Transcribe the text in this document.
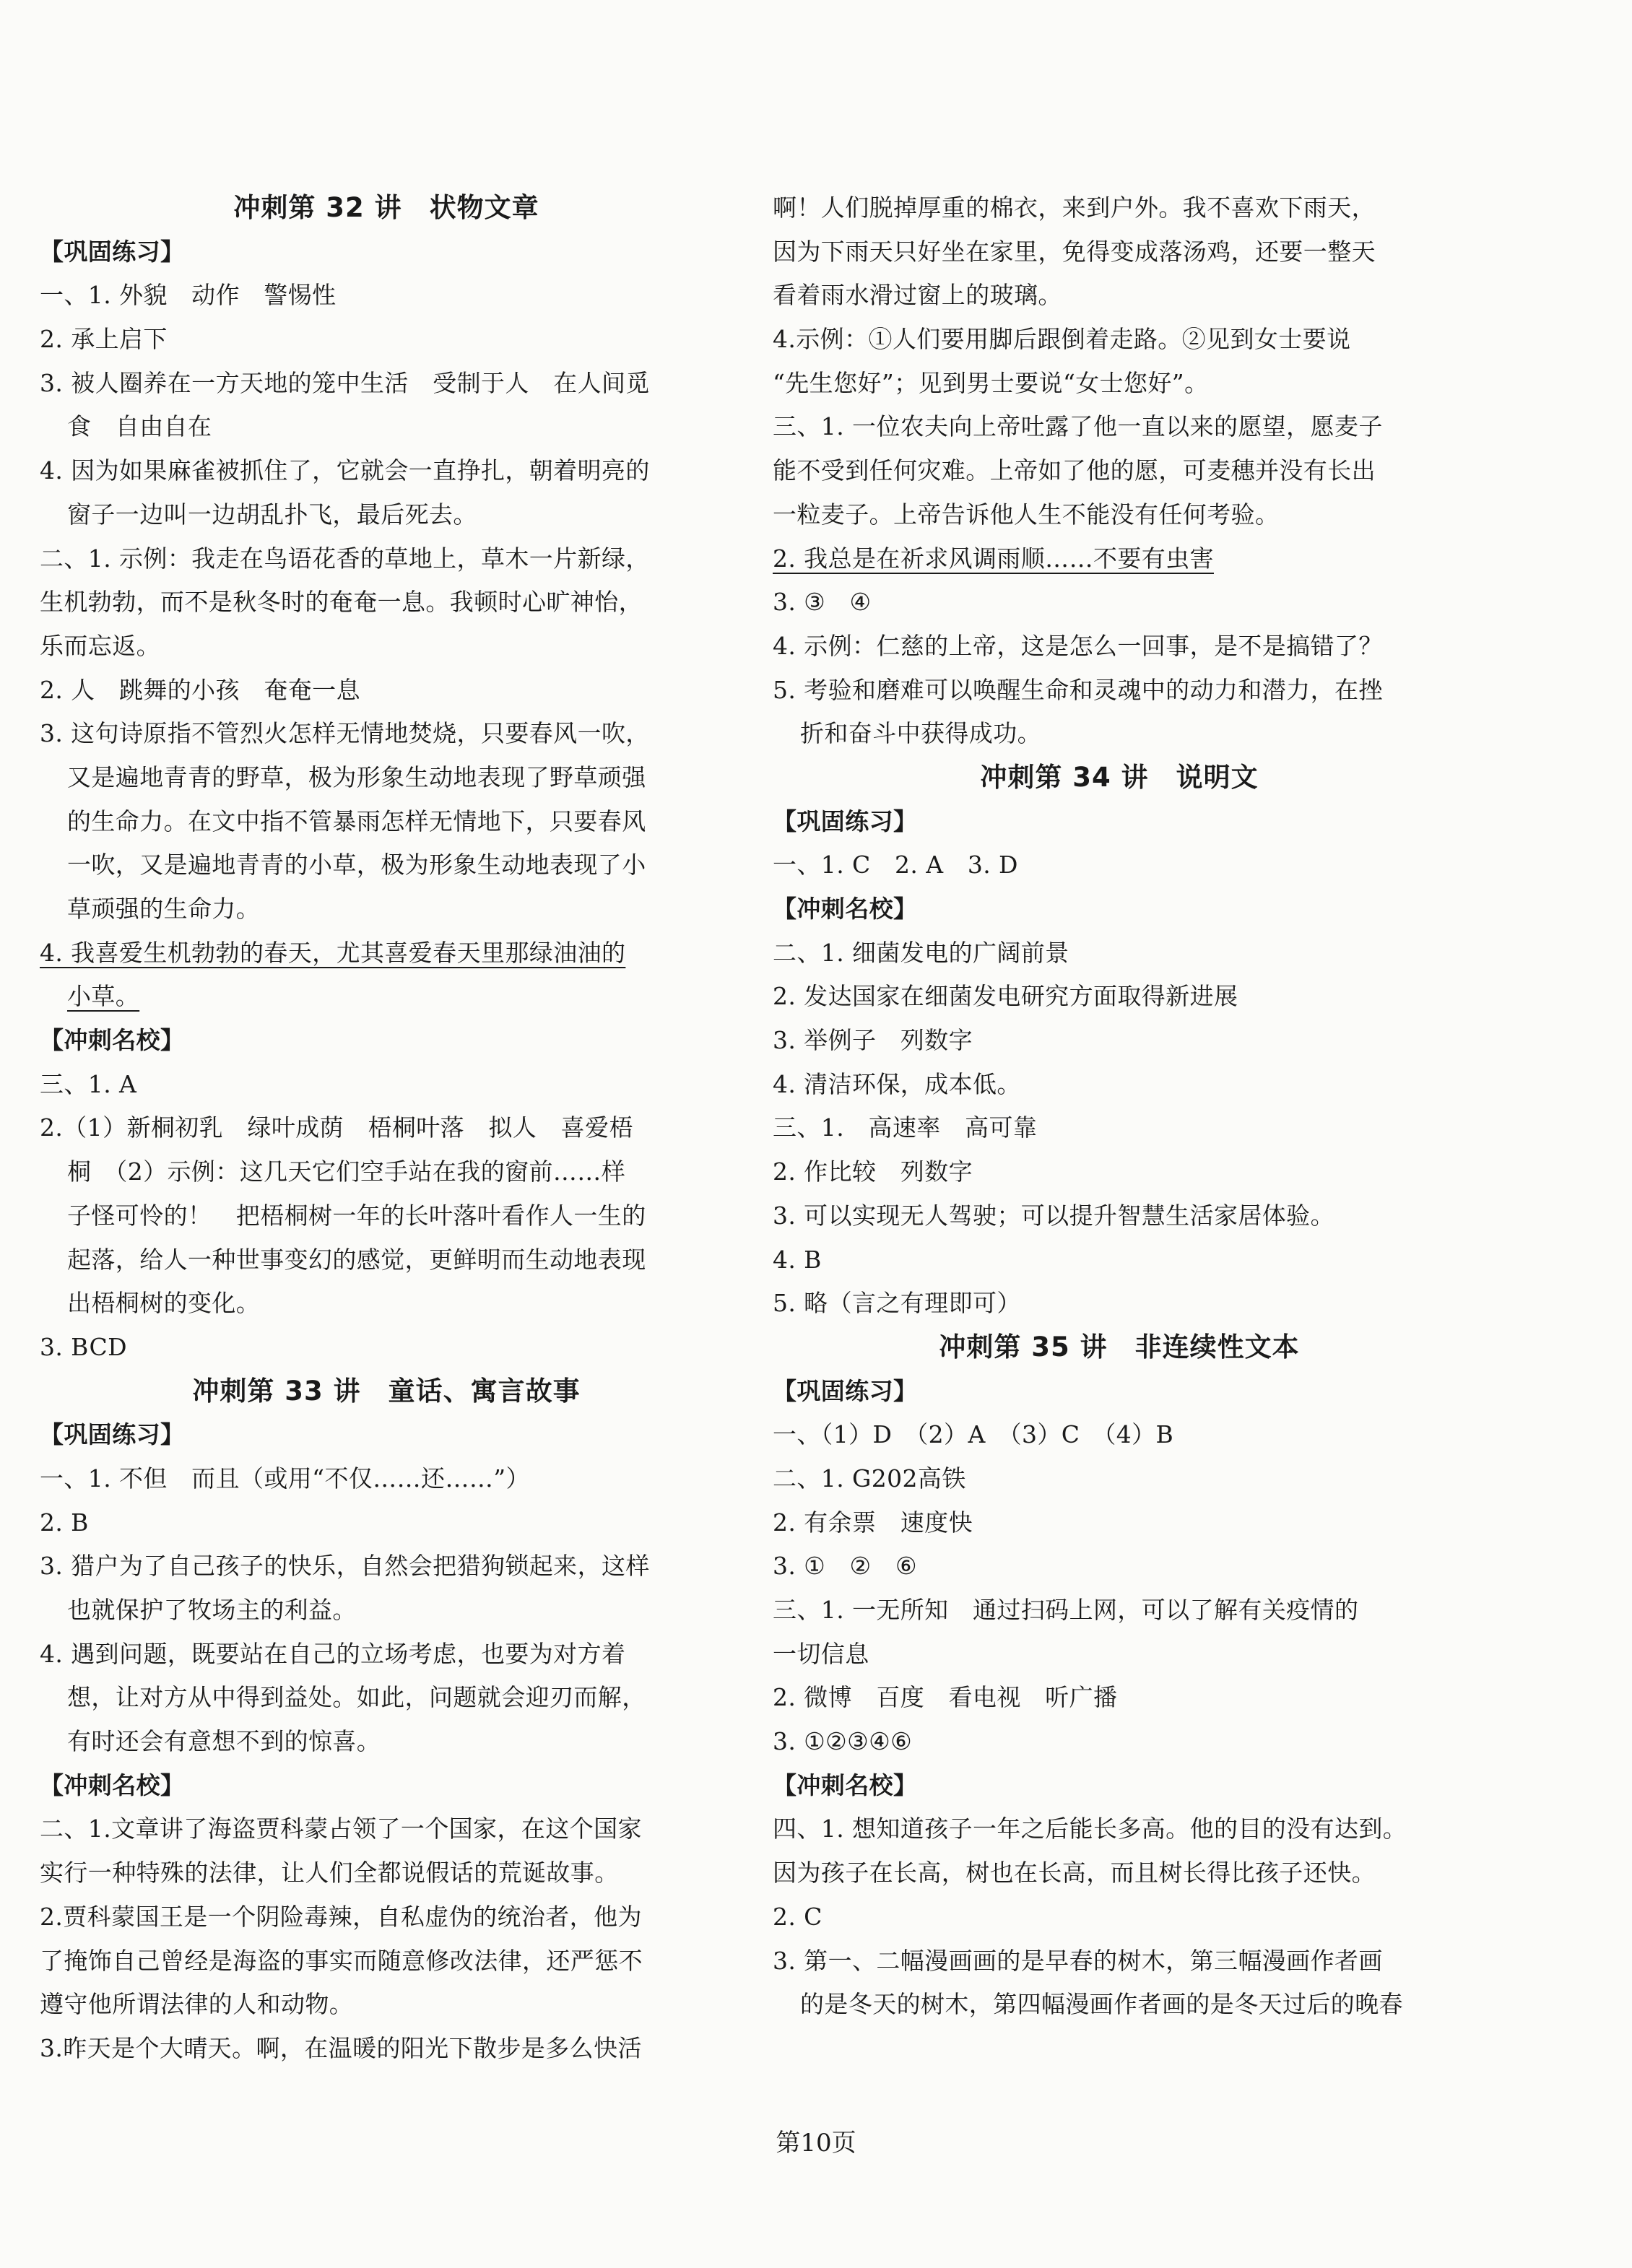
冲刺第 32 讲　状物文章
【巩固练习】
一、1. 外貌　动作　警惕性
2. 承上启下
3. 被人圈养在一方天地的笼中生活　受制于人　在人间觅
食　自由自在
4. 因为如果麻雀被抓住了，它就会一直挣扎，朝着明亮的
窗子一边叫一边胡乱扑飞，最后死去。
二、1. 示例：我走在鸟语花香的草地上，草木一片新绿，
生机勃勃，而不是秋冬时的奄奄一息。我顿时心旷神怡，
乐而忘返。
2. 人　跳舞的小孩　奄奄一息
3. 这句诗原指不管烈火怎样无情地焚烧，只要春风一吹，
又是遍地青青的野草，极为形象生动地表现了野草顽强
的生命力。在文中指不管暴雨怎样无情地下，只要春风
一吹，又是遍地青青的小草，极为形象生动地表现了小
草顽强的生命力。
4. 我喜爱生机勃勃的春天，尤其喜爱春天里那绿油油的
小草。
【冲刺名校】
三、1. A
2.（1）新桐初乳　绿叶成荫　梧桐叶落　拟人　喜爱梧
桐　（2）示例：这几天它们空手站在我的窗前……样
子怪可怜的！　把梧桐树一年的长叶落叶看作人一生的
起落，给人一种世事变幻的感觉，更鲜明而生动地表现
出梧桐树的变化。
3. BCD
冲刺第 33 讲　童话、寓言故事
【巩固练习】
一、1. 不但　而且（或用“不仅……还……”）
2. B
3. 猎户为了自己孩子的快乐，自然会把猎狗锁起来，这样
也就保护了牧场主的利益。
4. 遇到问题，既要站在自己的立场考虑，也要为对方着
想，让对方从中得到益处。如此，问题就会迎刃而解，
有时还会有意想不到的惊喜。
【冲刺名校】
二、1.文章讲了海盗贾科蒙占领了一个国家，在这个国家
实行一种特殊的法律，让人们全都说假话的荒诞故事。
2.贾科蒙国王是一个阴险毒辣，自私虚伪的统治者，他为
了掩饰自己曾经是海盗的事实而随意修改法律，还严惩不
遵守他所谓法律的人和动物。
3.昨天是个大晴天。啊，在温暖的阳光下散步是多么快活
啊！人们脱掉厚重的棉衣，来到户外。我不喜欢下雨天，
因为下雨天只好坐在家里，免得变成落汤鸡，还要一整天
看着雨水滑过窗上的玻璃。
4.示例：①人们要用脚后跟倒着走路。②见到女士要说
“先生您好”；见到男士要说“女士您好”。
三、1. 一位农夫向上帝吐露了他一直以来的愿望，愿麦子
能不受到任何灾难。上帝如了他的愿，可麦穗并没有长出
一粒麦子。上帝告诉他人生不能没有任何考验。
2. 我总是在祈求风调雨顺……不要有虫害
3. ③　④
4. 示例：仁慈的上帝，这是怎么一回事，是不是搞错了？
5. 考验和磨难可以唤醒生命和灵魂中的动力和潜力，在挫
折和奋斗中获得成功。
冲刺第 34 讲　说明文
【巩固练习】
一、1. C　2. A　3. D
【冲刺名校】
二、1. 细菌发电的广阔前景
2. 发达国家在细菌发电研究方面取得新进展
3. 举例子　列数字
4. 清洁环保，成本低。
三、1.　高速率　高可靠
2. 作比较　列数字
3. 可以实现无人驾驶；可以提升智慧生活家居体验。
4. B
5. 略（言之有理即可）
冲刺第 35 讲　非连续性文本
【巩固练习】
一、（1）D　（2）A　（3）C　（4）B
二、1. G202高铁
2. 有余票　速度快
3. ①　②　⑥
三、1. 一无所知　通过扫码上网，可以了解有关疫情的
一切信息
2. 微博　百度　看电视　听广播
3. ①②③④⑥
【冲刺名校】
四、1. 想知道孩子一年之后能长多高。他的目的没有达到。
因为孩子在长高，树也在长高，而且树长得比孩子还快。
2. C
3. 第一、二幅漫画画的是早春的树木，第三幅漫画作者画
的是冬天的树木，第四幅漫画作者画的是冬天过后的晚春
第10页
